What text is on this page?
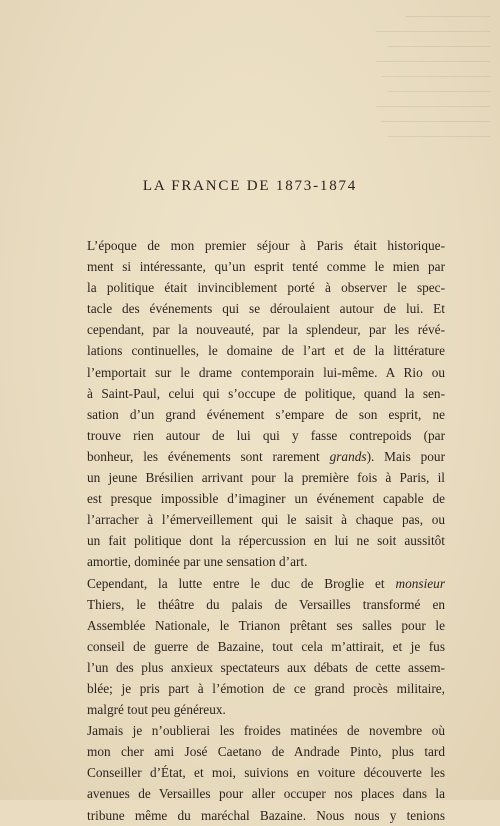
──────────────
───────────────────
─────────────────
───────────────────
──────────────────
─────────────────
───────────────────
──────────────────
─────────────────
LA FRANCE DE 1873-1874
L’époque de mon premier séjour à Paris était historique-
ment si intéressante, qu’un esprit tenté comme le mien par
la politique était invinciblement porté à observer le spec-
tacle des événements qui se déroulaient autour de lui. Et
cependant, par la nouveauté, par la splendeur, par les révé-
lations continuelles, le domaine de l’art et de la littérature
l’emportait sur le drame contemporain lui-même. A Rio ou
à Saint-Paul, celui qui s’occupe de politique, quand la sen-
sation d’un grand événement s’empare de son esprit, ne
trouve rien autour de lui qui y fasse contrepoids (par
bonheur, les événements sont rarement grands). Mais pour
un jeune Brésilien arrivant pour la première fois à Paris, il
est presque impossible d’imaginer un événement capable de
l’arracher à l’émerveillement qui le saisit à chaque pas, ou
un fait politique dont la répercussion en lui ne soit aussitôt
amortie, dominée par une sensation d’art.
Cependant, la lutte entre le duc de Broglie et monsieur
Thiers, le théâtre du palais de Versailles transformé en
Assemblée Nationale, le Trianon prêtant ses salles pour le
conseil de guerre de Bazaine, tout cela m’attirait, et je fus
l’un des plus anxieux spectateurs aux débats de cette assem-
blée; je pris part à l’émotion de ce grand procès militaire,
malgré tout peu généreux.
Jamais je n’oublierai les froides matinées de novembre où
mon cher ami José Caetano de Andrade Pinto, plus tard
Conseiller d’État, et moi, suivions en voiture découverte les
avenues de Versailles pour aller occuper nos places dans la
tribune même du maréchal Bazaine. Nous nous y tenions
